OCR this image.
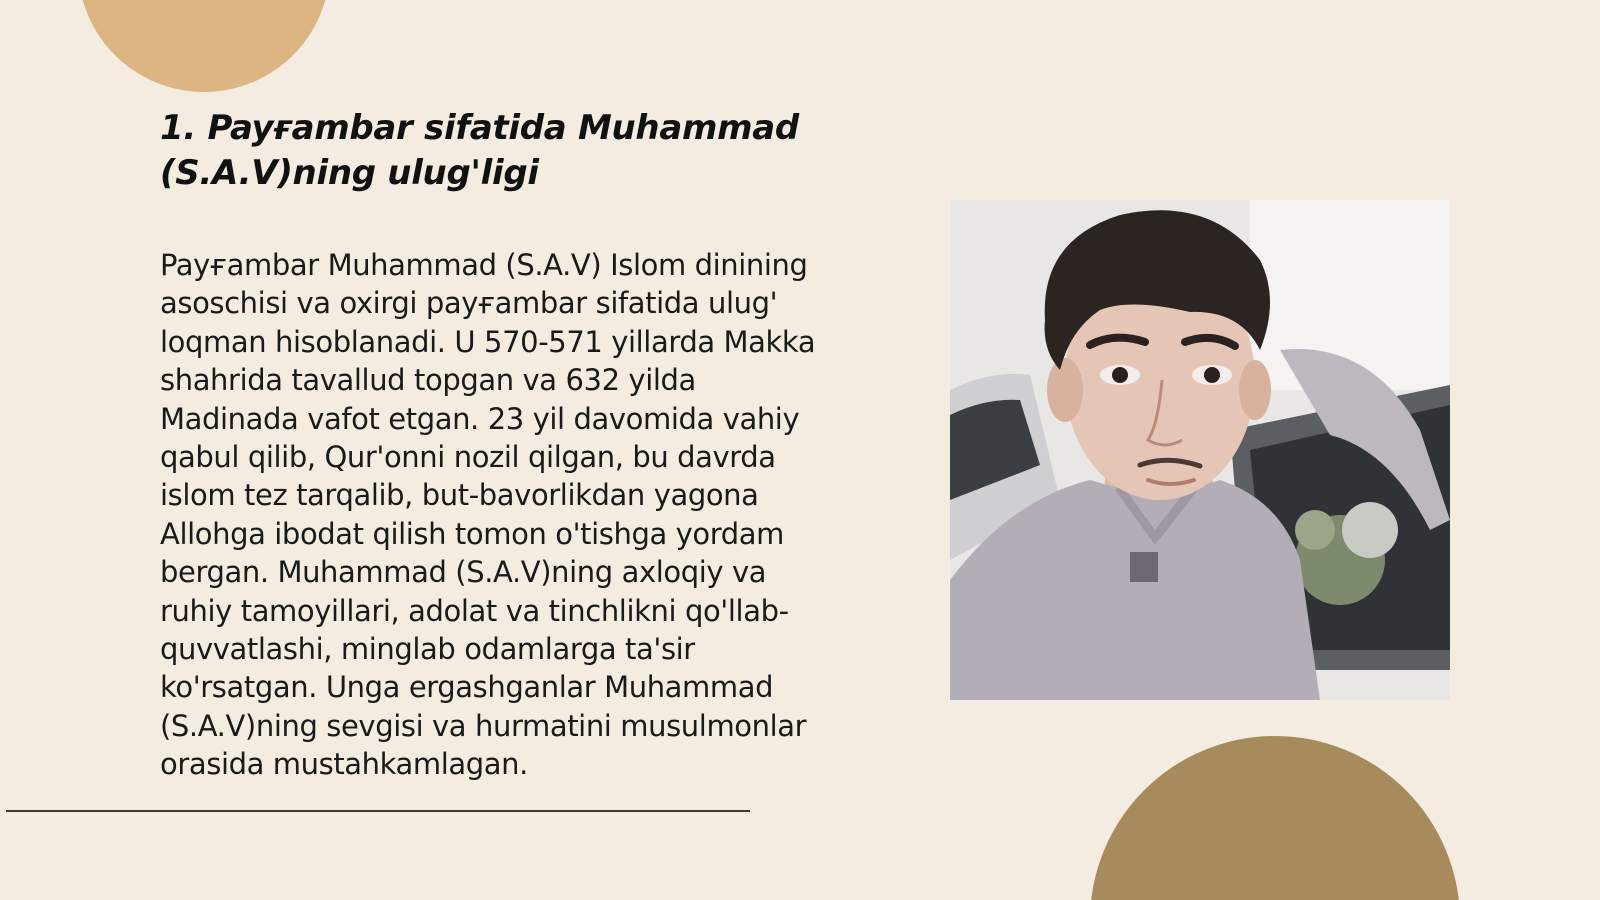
1. Payғambar sifatida Muhammad (S.A.V)ning ulug'ligi

Payғambar Muhammad (S.A.V) Islom dinining asoschisi va oxirgi payғambar sifatida ulug' loqman hisoblanadi. U 570-571 yillarda Makka shahrida tavallud topgan va 632 yilda Madinada vafot etgan. 23 yil davomida vahiy qabul qilib, Qur'onni nozil qilgan, bu davrda islom tez tarqalib, but-bavorlikdan yagona Allohga ibodat qilish tomon o'tishga yordam bergan. Muhammad (S.A.V)ning axloqiy va ruhiy tamoyillari, adolat va tinchlikni qo'llab-quvvatlashi, minglab odamlarga ta'sir ko'rsatgan. Unga ergashganlar Muhammad (S.A.V)ning sevgisi va hurmatini musulmonlar orasida mustahkamlagan.
